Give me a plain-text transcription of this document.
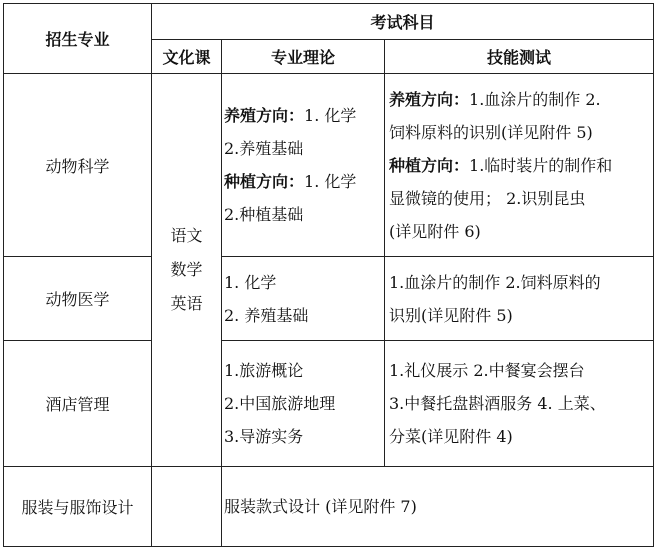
招生专业	考试科目		
	文化课	专业理论	技能测试
动物科学	语文
数学
英语	养殖方向：1. 化学
2.养殖基础
种植方向：1. 化学
2.种植基础	养殖方向：1.血涂片的制作 2.
饲料原料的识别(详见附件 5)
种植方向：1.临时装片的制作和
显微镜的使用； 2.识别昆虫
(详见附件 6)

动物医学		1. 化学
2. 养殖基础	1.血涂片的制作 2.饲料原料的
识别(详见附件 5)

酒店管理		1.旅游概论
2.中国旅游地理
3.导游实务	1.礼仪展示 2.中餐宴会摆台
3.中餐托盘斟酒服务 4. 上菜、
分菜(详见附件 4)

服装与服饰设计		服装款式设计 (详见附件 7)	
